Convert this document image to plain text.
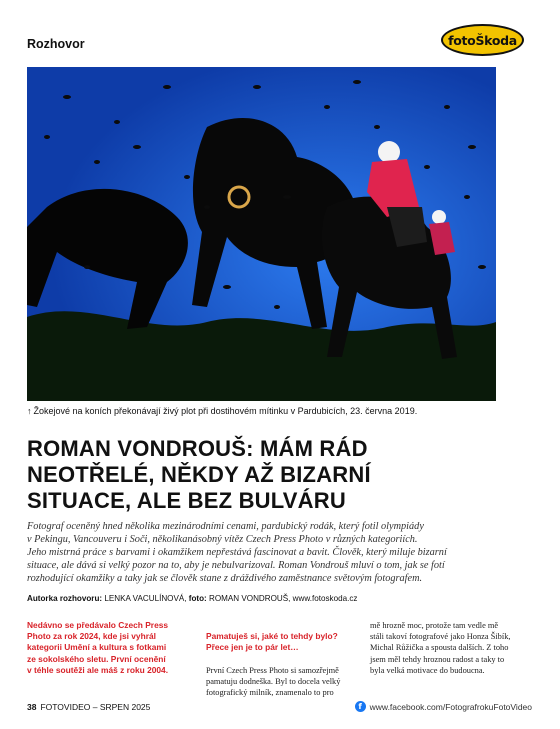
Rozhovor	foto Škoda
↑ Žokejové na koních překonávají živý plot při dostihovém mítinku v Pardubicích, 23. června 2019.
ROMAN VONDROUŠ: MÁM RÁD
NEOTŘELÉ, NĚKDY AŽ BIZARNÍ
SITUACE, ALE BEZ BULVÁRU
Fotograf oceněný hned několika mezinárodními cenami, pardubický rodák, který fotil olympiády
v Pekingu, Vancouveru i Soči, několikanásobný vítěz Czech Press Photo v různých kategoriích.
Jeho mistrná práce s barvami i okamžikem nepřestává fascinovat a bavit. Člověk, který miluje bizarní
situace, ale dává si velký pozor na to, aby je nebulvarizoval. Roman Vondrouš mluví o tom, jak se fotí
rozhodující okamžiky a taky jak se člověk stane z dráždivého zaměstnance světovým fotografem.
Autorka rozhovoru: LENKA VACULÍNOVÁ, foto: ROMAN VONDROUŠ, www.fotoskoda.cz
Nedávno se předávalo Czech Press
Photo za rok 2024, kde jsi vyhrál
kategorii Umění a kultura s fotkami
ze sokolského sletu. První ocenění
v téhle soutěži ale máš z roku 2004.

Pamatuješ si, jaké to tehdy bylo?
Přece jen je to pár let…

První Czech Press Photo si samozřejmě
pamatuju dodneška. Byl to docela velký
fotografický milník, znamenalo to pro

mě hrozně moc, protože tam vedle mě
stáli takoví fotografové jako Honza Šibík,
Michal Růžička a spousta dalších. Z toho
jsem měl tehdy hroznou radost a taky to
byla velká motivace do budoucna.
38 FOTOVIDEO – SRPEN 2025	f www.facebook.com/FotografrokuFotoVideo
